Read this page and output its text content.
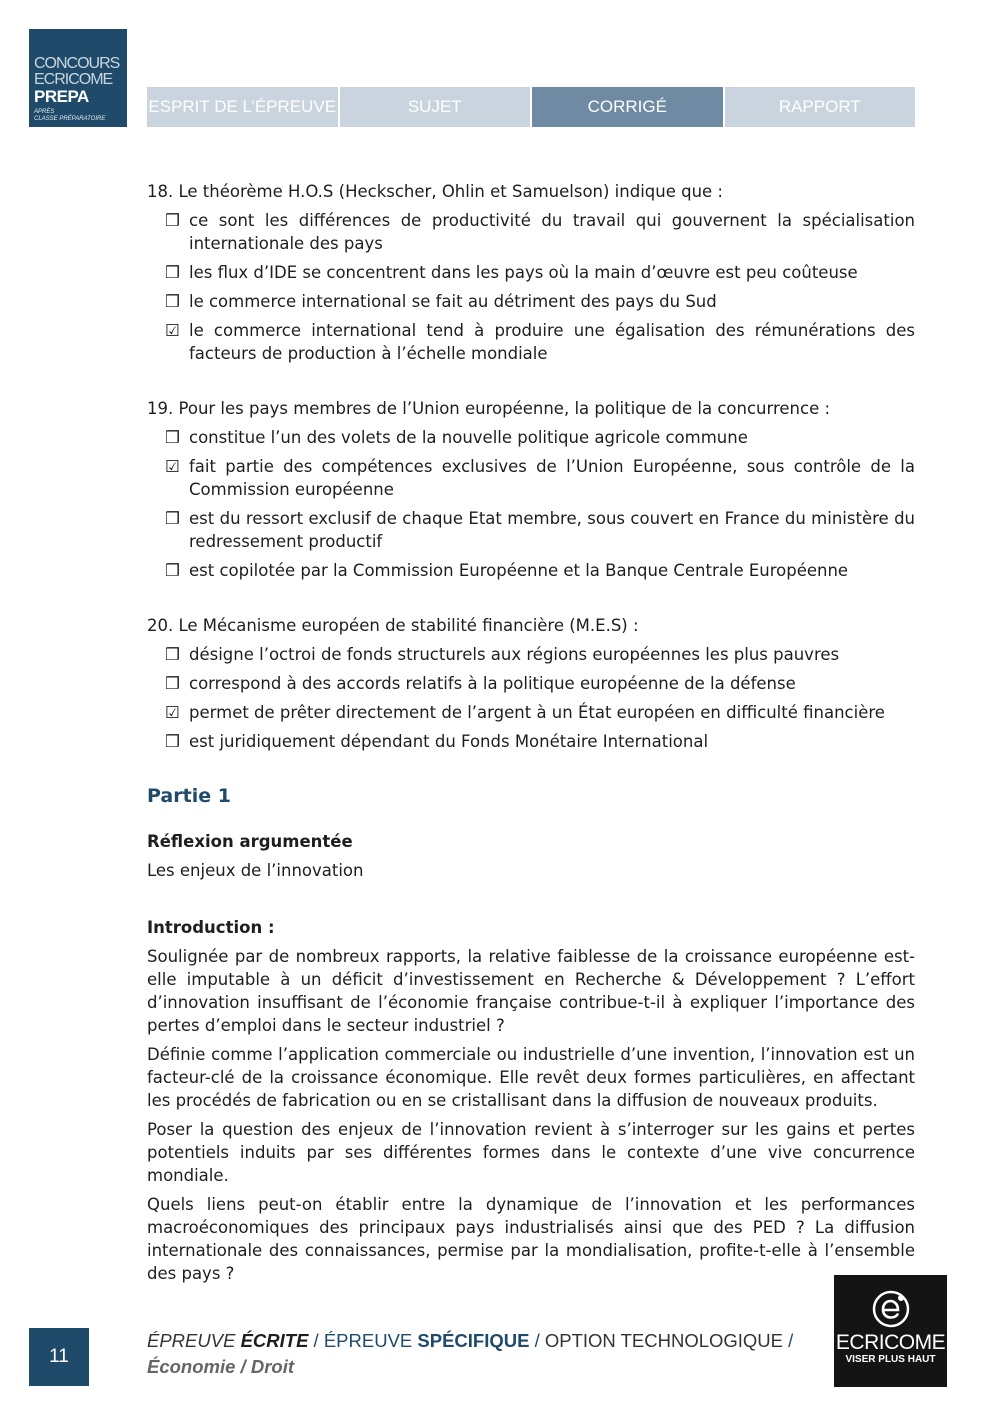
CONCOURS
ECRICOME
PREPA
APRÈS
CLASSE PRÉPARATOIRE
ESPRIT DE L’ÉPREUVE	SUJET	CORRIGÉ	RAPPORT
18. Le théorème H.O.S (Heckscher, Ohlin et Samuelson) indique que :
❒ ce sont les différences de productivité du travail qui gouvernent la spécialisation internationale des pays
❒ les flux d’IDE se concentrent dans les pays où la main d’œuvre est peu coûteuse
❒ le commerce international se fait au détriment des pays du Sud
☑ le commerce international tend à produire une égalisation des rémunérations des facteurs de production à l’échelle mondiale
19. Pour les pays membres de l’Union européenne, la politique de la concurrence :
❒ constitue l’un des volets de la nouvelle politique agricole commune
☑ fait partie des compétences exclusives de l’Union Européenne, sous contrôle de la Commission européenne
❒ est du ressort exclusif de chaque Etat membre, sous couvert en France du ministère du redressement productif
❒ est copilotée par la Commission Européenne et la Banque Centrale Européenne
20. Le Mécanisme européen de stabilité financière (M.E.S) :
❒ désigne l’octroi de fonds structurels aux régions européennes les plus pauvres
❒ correspond à des accords relatifs à la politique européenne de la défense
☑ permet de prêter directement de l’argent à un État européen en difficulté financière
❒ est juridiquement dépendant du Fonds Monétaire International
Partie 1
Réflexion argumentée
Les enjeux de l’innovation
Introduction :

Soulignée par de nombreux rapports, la relative faiblesse de la croissance européenne est-elle imputable à un déficit d’investissement en Recherche & Développement ? L’effort d’innovation insuffisant de l’économie française contribue-t-il à expliquer l’importance des pertes d’emploi dans le secteur industriel ?

Définie comme l’application commerciale ou industrielle d’une invention, l’innovation est un facteur-clé de la croissance économique. Elle revêt deux formes particulières, en affectant les procédés de fabrication ou en se cristallisant dans la diffusion de nouveaux produits.

Poser la question des enjeux de l’innovation revient à s’interroger sur les gains et pertes potentiels induits par ses différentes formes dans le contexte d’une vive concurrence mondiale.

Quels liens peut-on établir entre la dynamique de l’innovation et les performances macroéconomiques des principaux pays industrialisés ainsi que des PED ? La diffusion internationale des connaissances, permise par la mondialisation, profite-t-elle à l’ensemble des pays ?

11
ÉPREUVE ÉCRITE / ÉPREUVE SPÉCIFIQUE / OPTION TECHNOLOGIQUE /
Économie / Droit
ECRICOME
VISER PLUS HAUT
